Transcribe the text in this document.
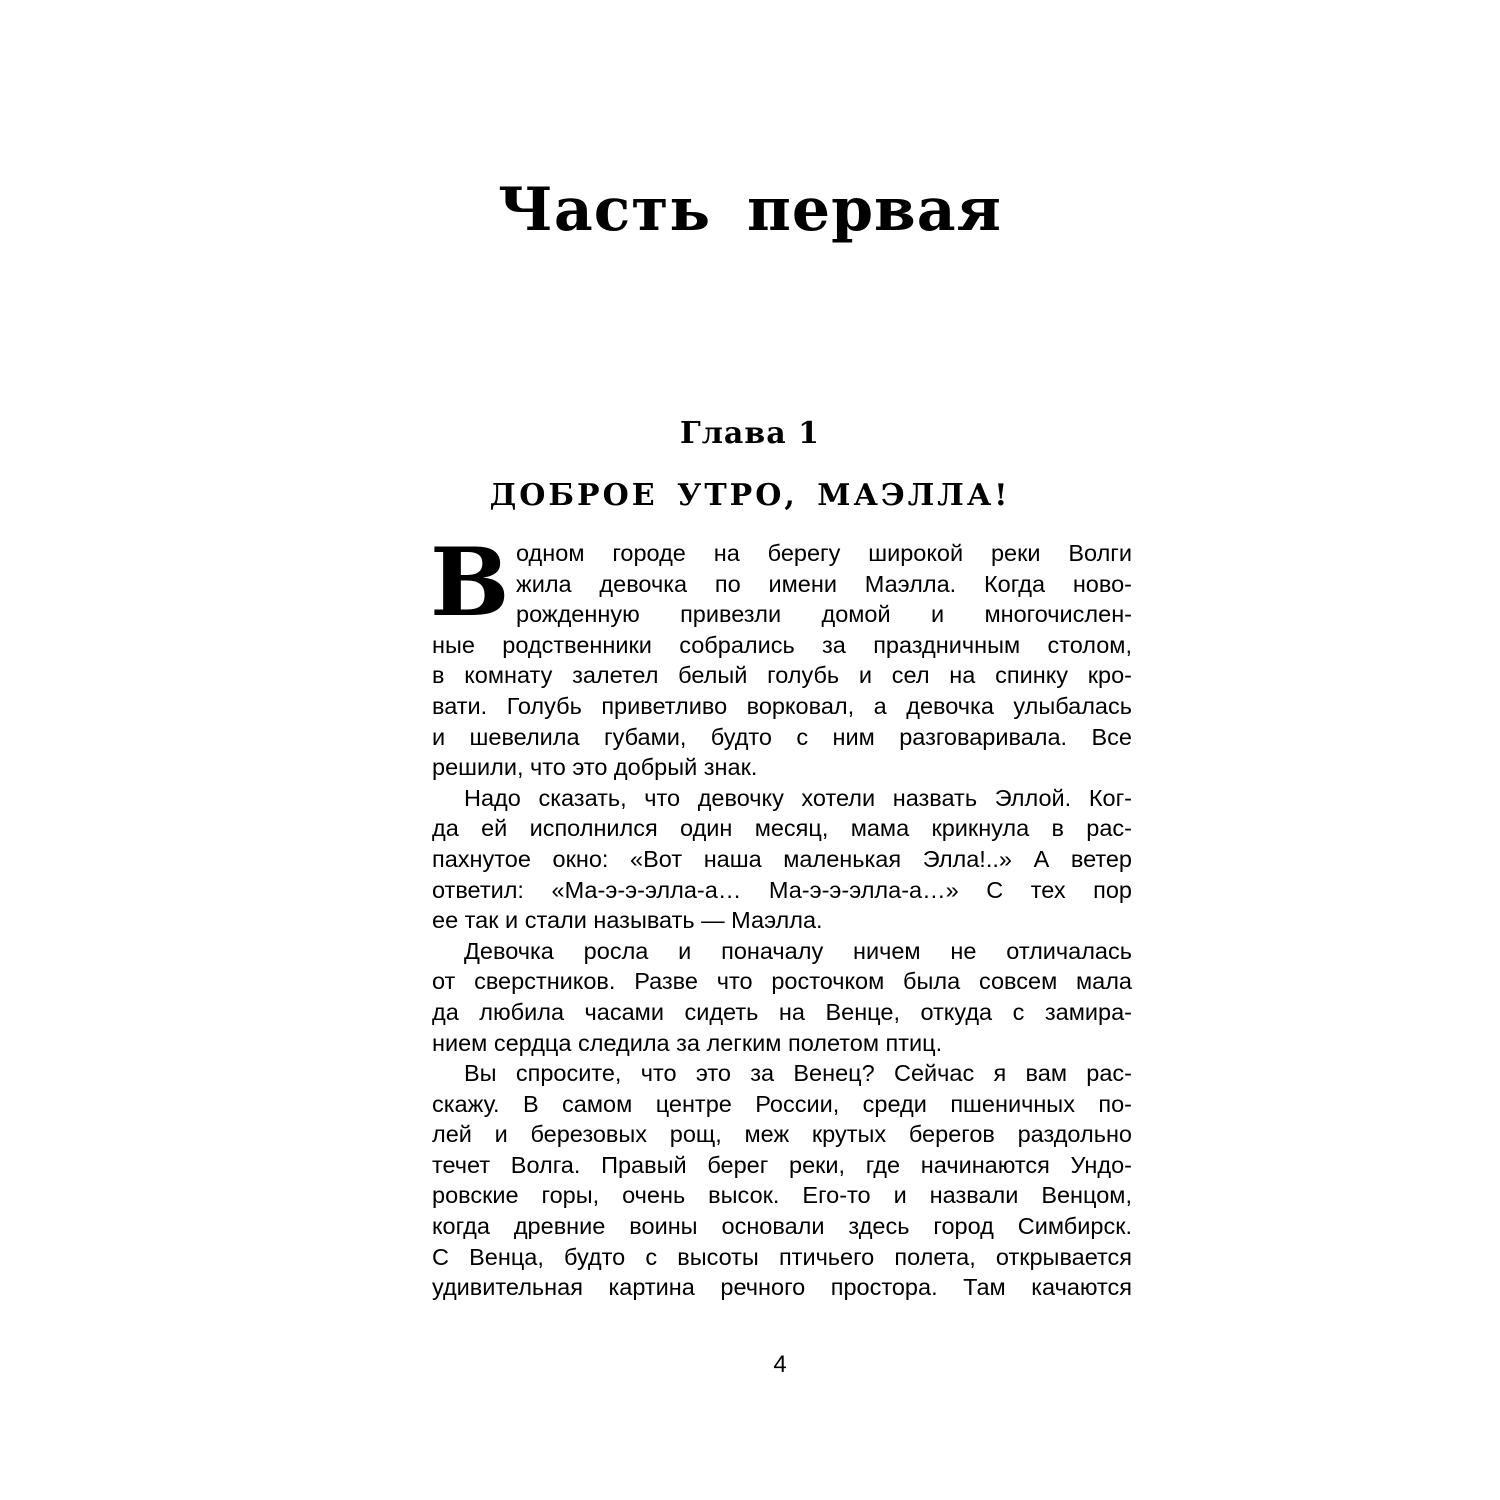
Часть первая
Глава 1
ДОБРОЕ УТРО, МАЭЛЛА!
В одном городе на берегу широкой реки Волги
жила девочка по имени Маэлла. Когда ново-
рожденную привезли домой и многочислен-
ные родственники собрались за праздничным столом,
в комнату залетел белый голубь и сел на спинку кро-
вати. Голубь приветливо ворковал, а девочка улыбалась
и шевелила губами, будто с ним разговаривала. Все
решили, что это добрый знак.
Надо сказать, что девочку хотели назвать Эллой. Ког-
да ей исполнился один месяц, мама крикнула в рас-
пахнутое окно: «Вот наша маленькая Элла!..» А ветер
ответил: «Ма-э-э-элла-а… Ма-э-э-элла-а…» С тех пор
ее так и стали называть — Маэлла.
Девочка росла и поначалу ничем не отличалась
от сверстников. Разве что росточком была совсем мала
да любила часами сидеть на Венце, откуда с замира-
нием сердца следила за легким полетом птиц.
Вы спросите, что это за Венец? Сейчас я вам рас-
скажу. В самом центре России, среди пшеничных по-
лей и березовых рощ, меж крутых берегов раздольно
течет Волга. Правый берег реки, где начинаются Ундо-
ровские горы, очень высок. Его-то и назвали Венцом,
когда древние воины основали здесь город Симбирск.
С Венца, будто с высоты птичьего полета, открывается
удивительная картина речного простора. Там качаются
4
